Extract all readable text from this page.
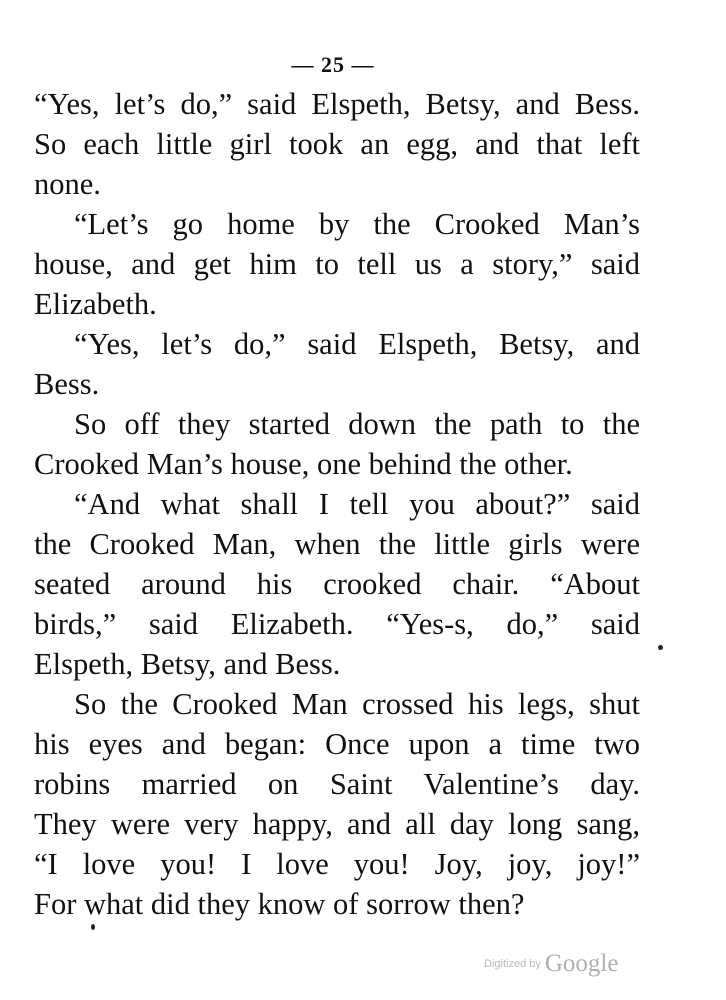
— 25 —
“Yes, let’s do,” said Elspeth, Betsy, and Bess.
So each little girl took an egg, and that left
none.
“Let’s go home by the Crooked Man’s
house, and get him to tell us a story,” said
Elizabeth.
“Yes, let’s do,” said Elspeth, Betsy, and
Bess.
So off they started down the path to the
Crooked Man’s house, one behind the other.
“And what shall I tell you about?” said
the Crooked Man, when the little girls were
seated around his crooked chair. “About
birds,” said Elizabeth. “Yes-s, do,” said
Elspeth, Betsy, and Bess.
So the Crooked Man crossed his legs, shut
his eyes and began: Once upon a time two
robins married on Saint Valentine’s day.
They were very happy, and all day long sang,
“I love you! I love you! Joy, joy, joy!”
For what did they know of sorrow then?
Digitized by Google
